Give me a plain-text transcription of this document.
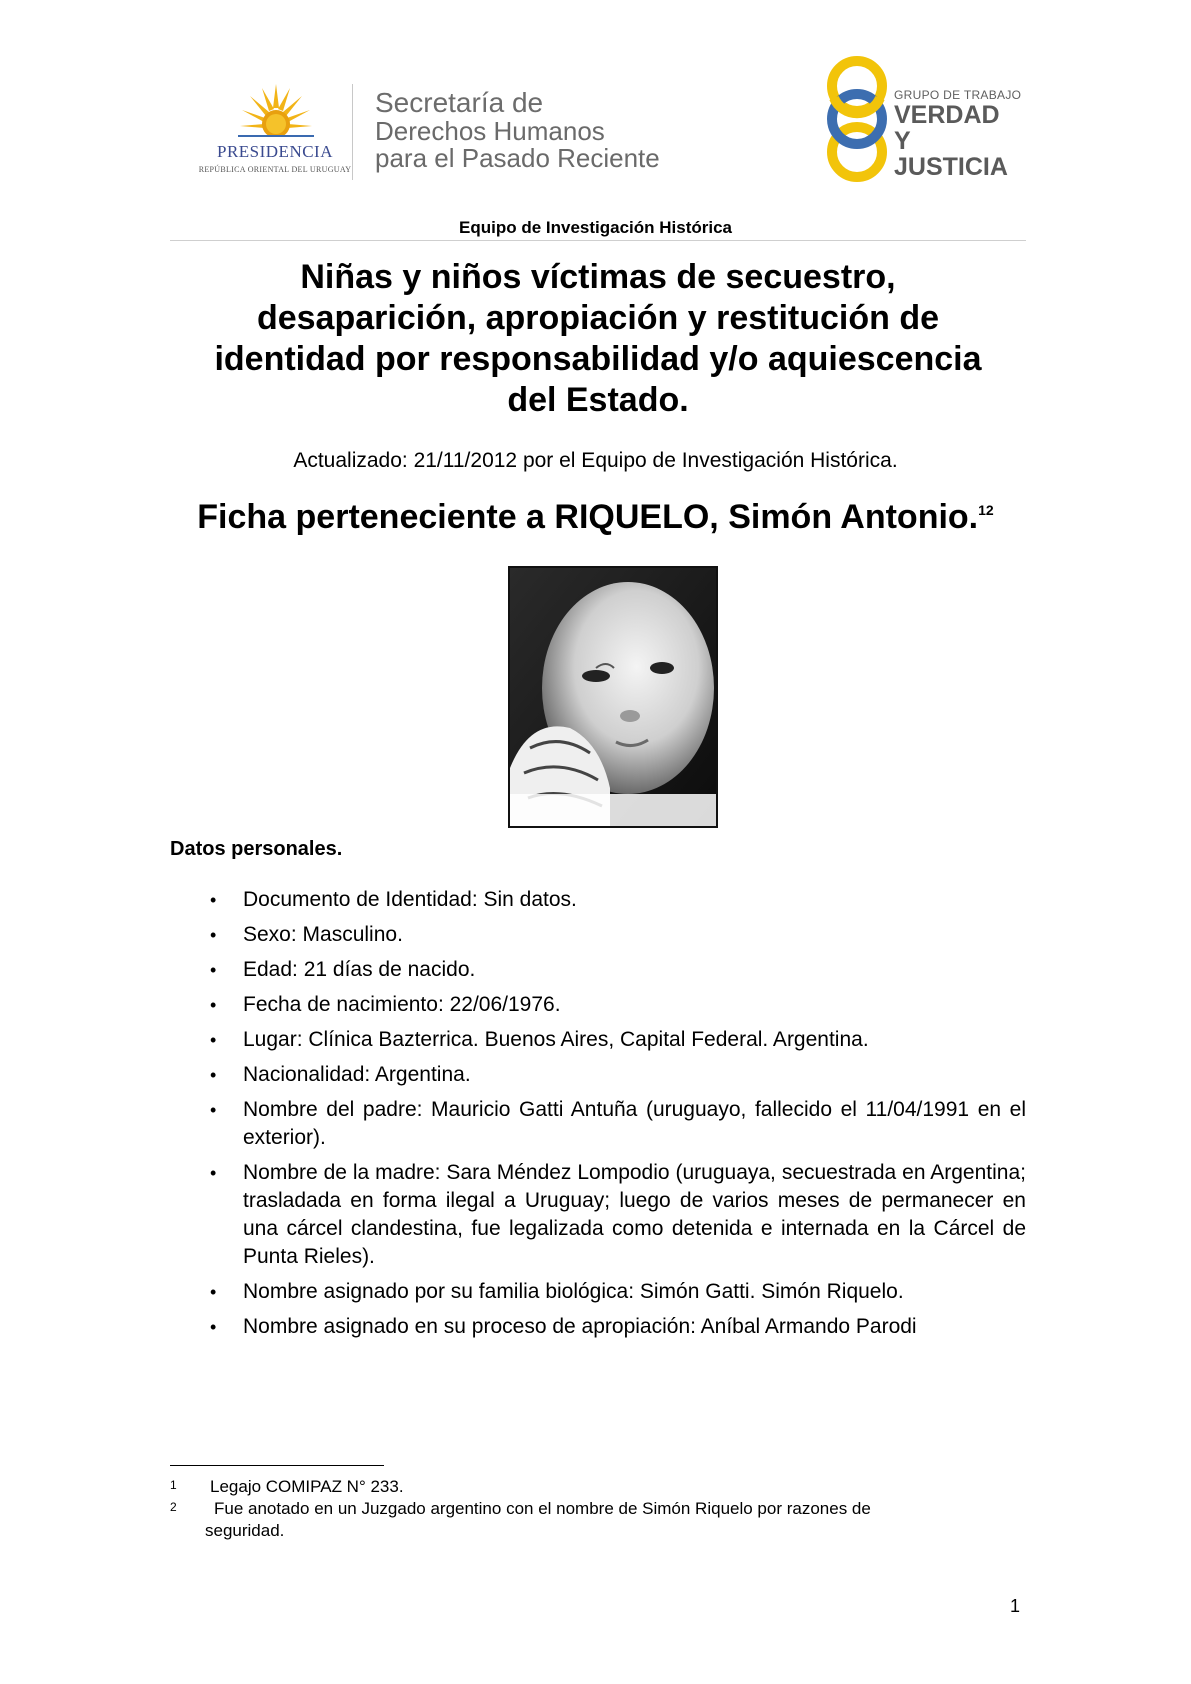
PRESIDENCIA
REPÚBLICA ORIENTAL DEL URUGUAY
Secretaría de
Derechos Humanos
para el Pasado Reciente
GRUPO DE TRABAJO
VERDAD Y
JUSTICIA
Equipo de Investigación Histórica
Niñas y niños víctimas de secuestro,
desaparición, apropiación y restitución de
identidad por responsabilidad y/o aquiescencia
del Estado.
Actualizado: 21/11/2012 por el Equipo de Investigación Histórica.
Ficha perteneciente a RIQUELO, Simón Antonio.$^{12}$
Datos personales.
• Documento de Identidad: Sin datos.
• Sexo: Masculino.
• Edad: 21 días de nacido.
• Fecha de nacimiento: 22/06/1976.
• Lugar: Clínica Bazterrica. Buenos Aires, Capital Federal. Argentina.
• Nacionalidad: Argentina.
• Nombre del padre: Mauricio Gatti Antuña (uruguayo, fallecido el 11/04/1991 en el exterior).
• Nombre de la madre: Sara Méndez Lompodio (uruguaya, secuestrada en Argentina; trasladada en forma ilegal a Uruguay; luego de varios meses de permanecer en una cárcel clandestina, fue legalizada como detenida e internada en la Cárcel de Punta Rieles).
• Nombre asignado por su familia biológica: Simón Gatti. Simón Riquelo.
• Nombre asignado en su proceso de apropiación: Aníbal Armando Parodi
1	Legajo COMIPAZ N° 233.
2	Fue anotado en un Juzgado argentino con el nombre de Simón Riquelo por razones de
seguridad.
1
